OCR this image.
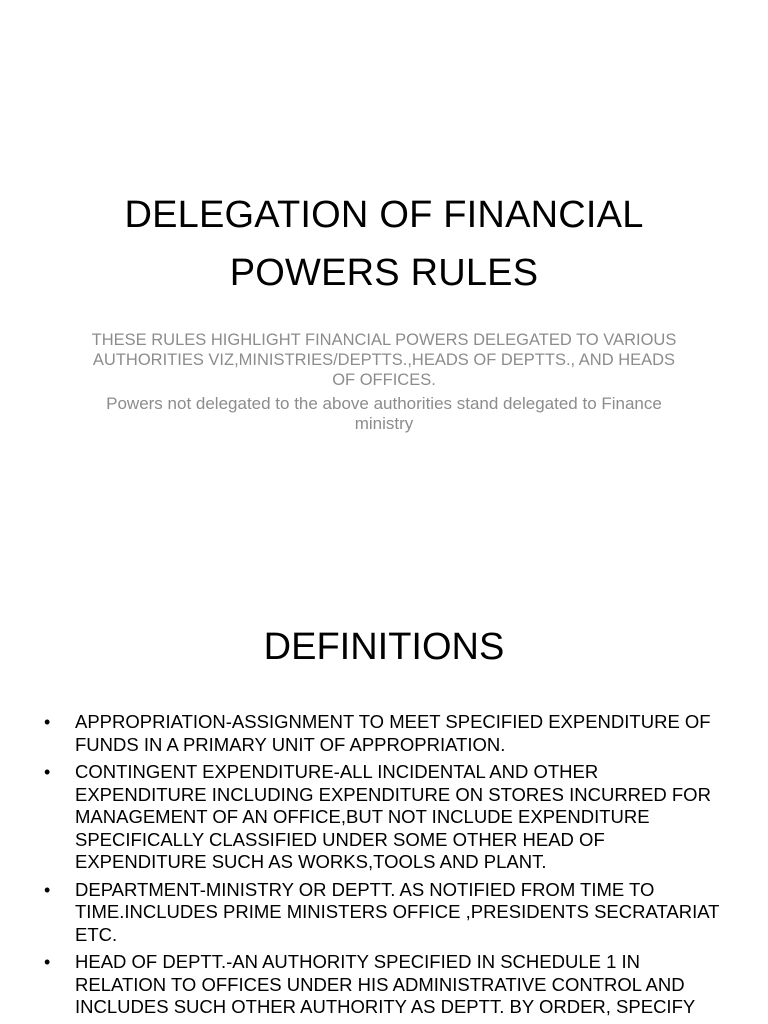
DELEGATION OF FINANCIAL
POWERS RULES

THESE RULES HIGHLIGHT FINANCIAL POWERS DELEGATED TO VARIOUS AUTHORITIES VIZ,MINISTRIES/DEPTTS.,HEADS OF DEPTTS., AND HEADS OF OFFICES.

Powers not delegated to the above authorities stand delegated to Finance ministry

DEFINITIONS
• APPROPRIATION-ASSIGNMENT TO MEET SPECIFIED EXPENDITURE OF FUNDS IN A PRIMARY UNIT OF APPROPRIATION.
• CONTINGENT EXPENDITURE-ALL INCIDENTAL AND OTHER EXPENDITURE INCLUDING EXPENDITURE ON STORES INCURRED FOR MANAGEMENT OF AN OFFICE,BUT NOT INCLUDE EXPENDITURE SPECIFICALLY CLASSIFIED UNDER SOME OTHER HEAD OF EXPENDITURE SUCH AS WORKS,TOOLS AND PLANT.
• DEPARTMENT-MINISTRY OR DEPTT. AS NOTIFIED FROM TIME TO TIME.INCLUDES PRIME MINISTERS OFFICE ,PRESIDENTS SECRATARIAT ETC.
• HEAD OF DEPTT.-AN AUTHORITY SPECIFIED IN SCHEDULE 1 IN RELATION TO OFFICES UNDER HIS ADMINISTRATIVE CONTROL AND INCLUDES SUCH OTHER AUTHORITY AS DEPTT. BY ORDER, SPECIFY
